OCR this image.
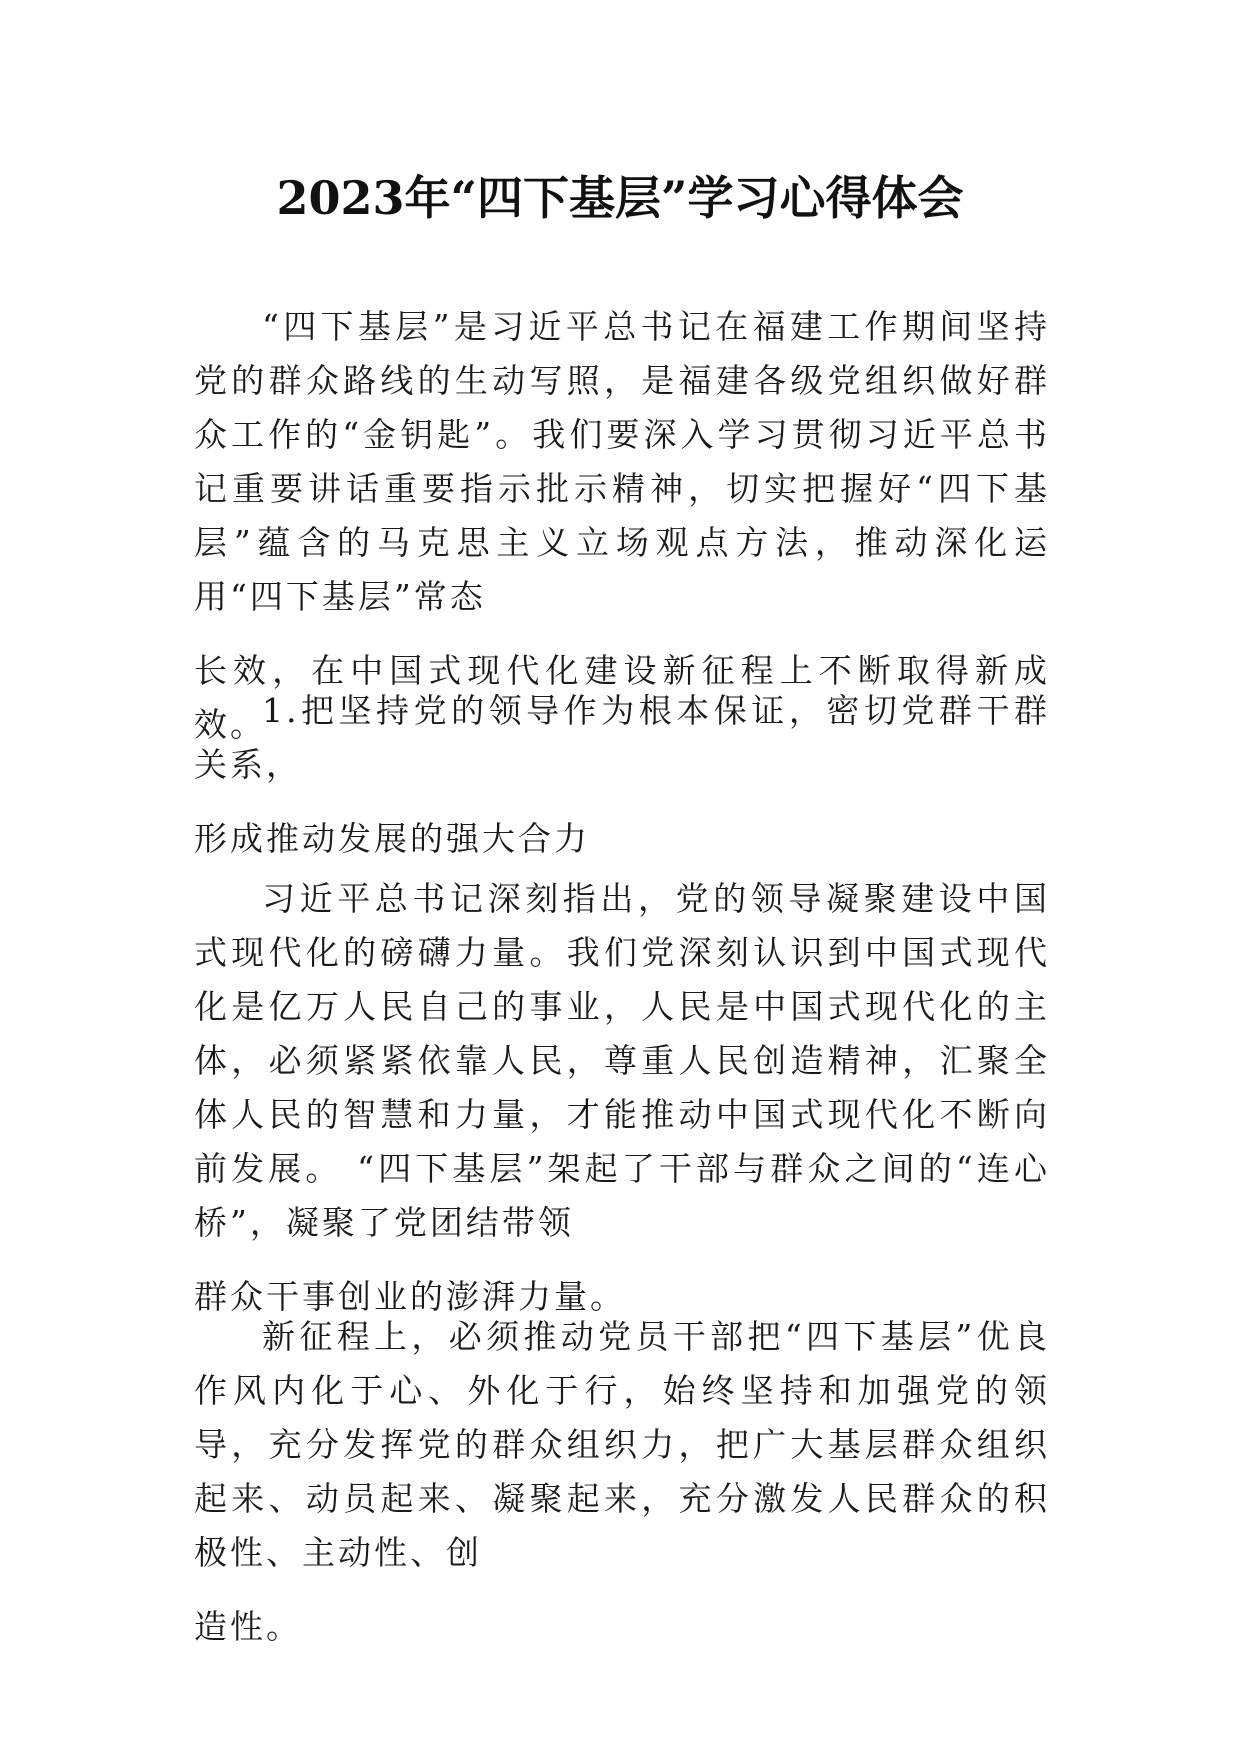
2023年“四下基层”学习心得体会

“四下基层”是习近平总书记在福建工作期间坚持党的群众路线的生动写照，是福建各级党组织做好群众工作的“金钥匙”。我们要深入学习贯彻习近平总书记重要讲话重要指示批示精神，切实把握好“四下基层”蕴含的马克思主义立场观点方法，推动深化运用“四下基层”常态
长效，在中国式现代化建设新征程上不断取得新成效。

1.把坚持党的领导作为根本保证，密切党群干群关系，
形成推动发展的强大合力

习近平总书记深刻指出，党的领导凝聚建设中国式现代化的磅礴力量。我们党深刻认识到中国式现代化是亿万人民自己的事业，人民是中国式现代化的主体，必须紧紧依靠人民，尊重人民创造精神，汇聚全体人民的智慧和力量，才能推动中国式现代化不断向前发展。 “四下基层”架起了干部与群众之间的“连心桥”，凝聚了党团结带领
群众干事创业的澎湃力量。

新征程上，必须推动党员干部把“四下基层”优良作风内化于心、外化于行，始终坚持和加强党的领导，充分发挥党的群众组织力，把广大基层群众组织起来、动员起来、凝聚起来，充分激发人民群众的积极性、主动性、创
造性。
